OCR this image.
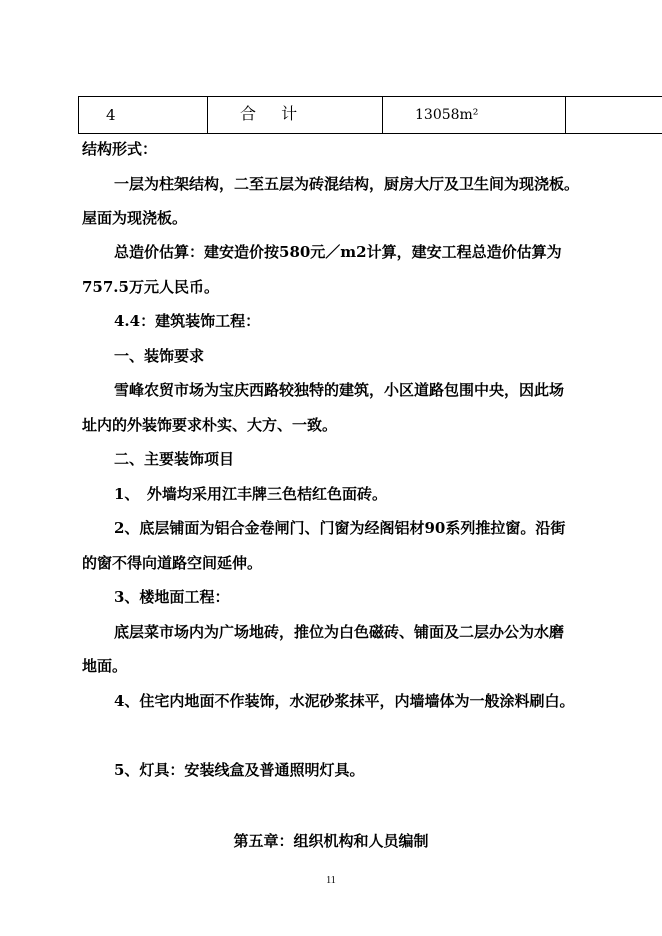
4	合 计	13058m²	

结构形式：

一层为柱架结构，二至五层为砖混结构，厨房大厅及卫生间为现浇板。

屋面为现浇板。

总造价估算：建安造价按580元／m2计算，建安工程总造价估算为

757.5万元人民币。

4.4：建筑装饰工程：

一、装饰要求

雪峰农贸市场为宝庆西路较独特的建筑，小区道路包围中央，因此场

址内的外装饰要求朴实、大方、一致。

二、主要装饰项目

1、　外墙均采用江丰牌三色桔红色面砖。

2、底层铺面为铝合金卷闸门、门窗为经阁铝材90系列推拉窗。沿街

的窗不得向道路空间延伸。

3、楼地面工程：

底层菜市场内为广场地砖，推位为白色磁砖、铺面及二层办公为水磨

地面。

4、住宅内地面不作装饰，水泥砂浆抹平，内墙墙体为一般涂料刷白。

5、灯具：安装线盒及普通照明灯具。

第五章：组织机构和人员编制

11
